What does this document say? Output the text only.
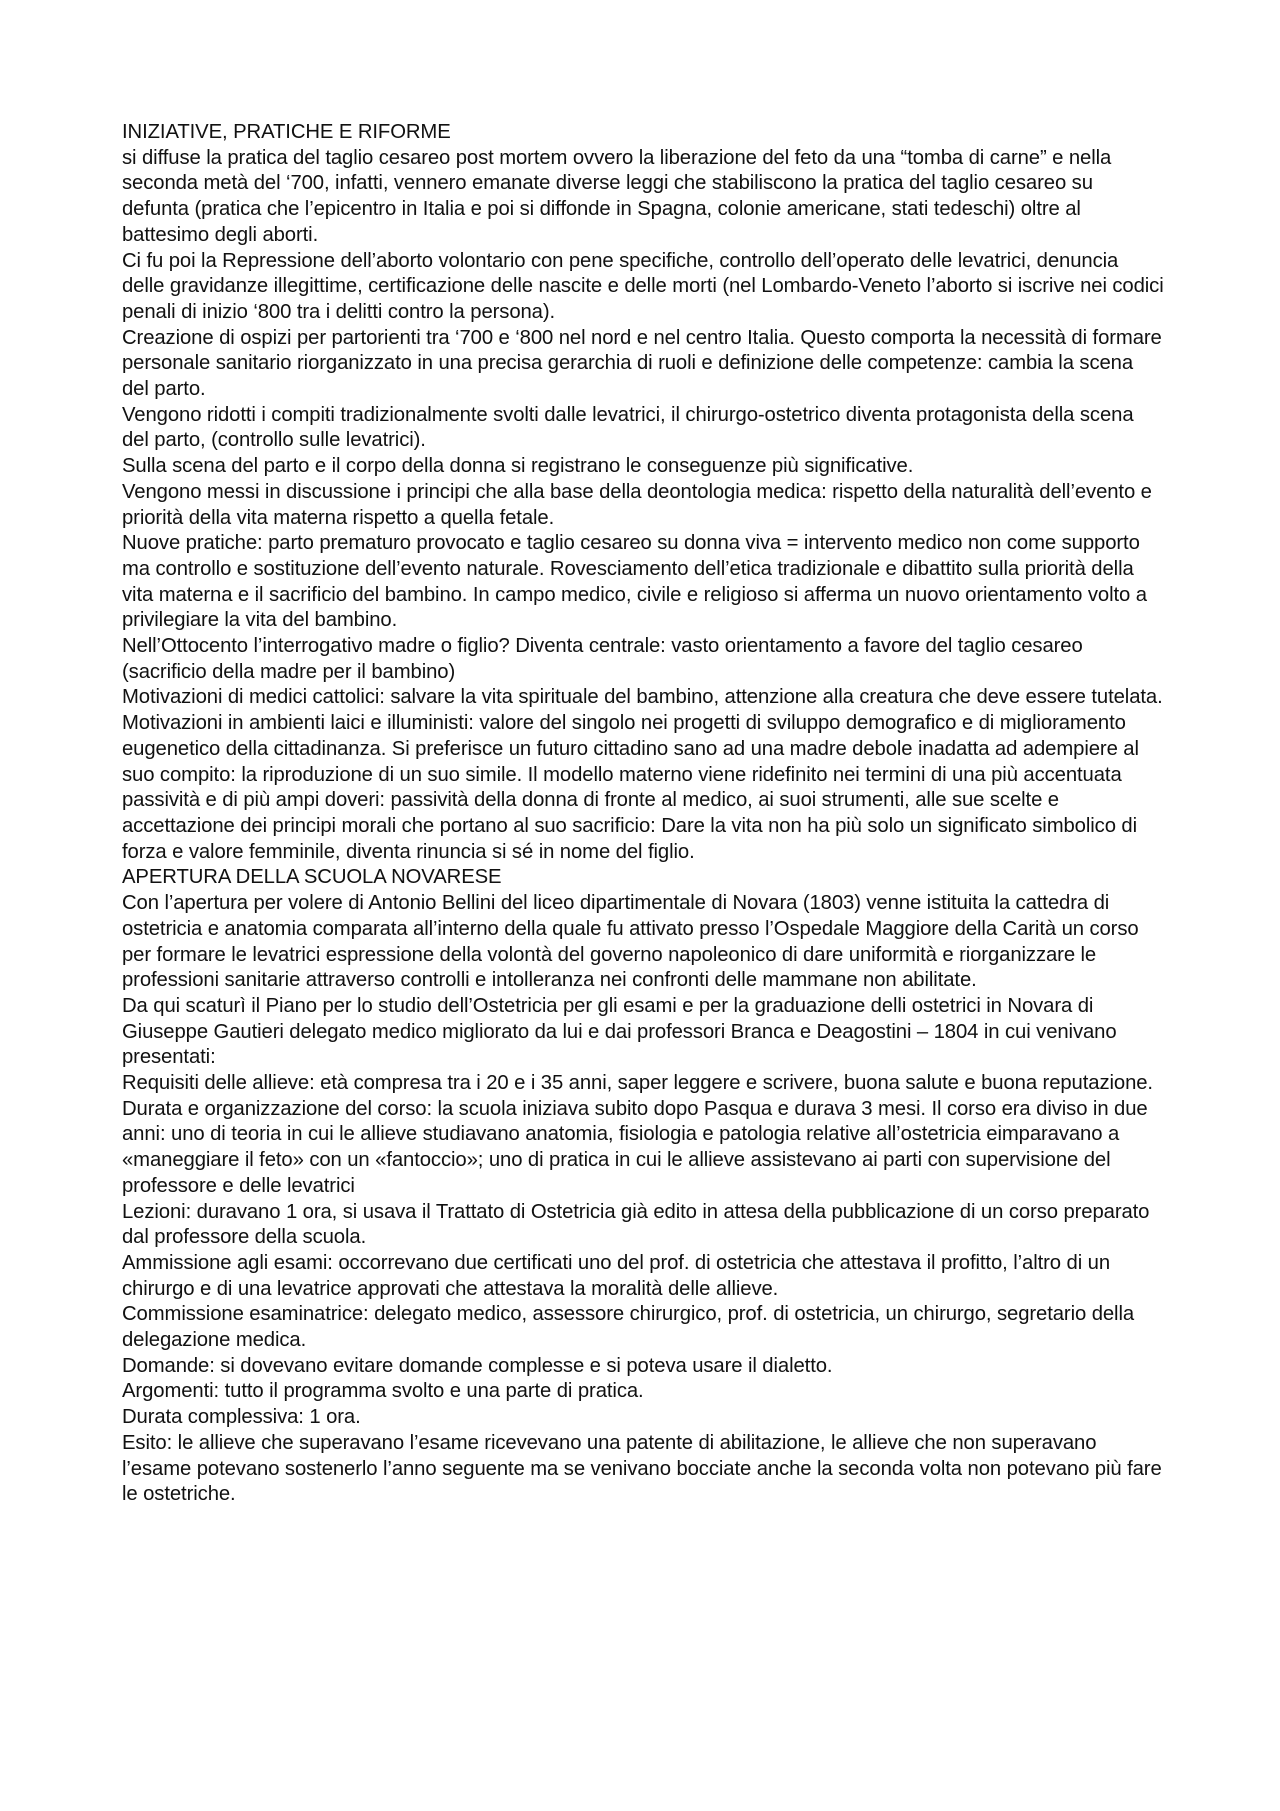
INIZIATIVE, PRATICHE E RIFORME

si diffuse la pratica del taglio cesareo post mortem ovvero la liberazione del feto da una “tomba di carne” e nella seconda metà del ‘700, infatti, vennero emanate diverse leggi che stabiliscono la pratica del taglio cesareo su defunta (pratica che l’epicentro in Italia e poi si diffonde in Spagna, colonie americane, stati tedeschi) oltre al battesimo degli aborti.

Ci fu poi la Repressione dell’aborto volontario con pene specifiche, controllo dell’operato delle levatrici, denuncia delle gravidanze illegittime, certificazione delle nascite e delle morti (nel Lombardo-Veneto l’aborto si iscrive nei codici penali di inizio ‘800 tra i delitti contro la persona).

Creazione di ospizi per partorienti tra ‘700 e ‘800 nel nord e nel centro Italia. Questo comporta la necessità di formare personale sanitario riorganizzato in una precisa gerarchia di ruoli e definizione delle competenze: cambia la scena del parto.

Vengono ridotti i compiti tradizionalmente svolti dalle levatrici, il chirurgo-ostetrico diventa protagonista della scena del parto, (controllo sulle levatrici).

Sulla scena del parto e il corpo della donna si registrano le conseguenze più significative.

Vengono messi in discussione i principi che alla base della deontologia medica: rispetto della naturalità dell’evento e priorità della vita materna rispetto a quella fetale.

Nuove pratiche: parto prematuro provocato e taglio cesareo su donna viva = intervento medico non come supporto ma controllo e sostituzione dell’evento naturale. Rovesciamento dell’etica tradizionale e dibattito sulla priorità della vita materna e il sacrificio del bambino. In campo medico, civile e religioso si afferma un nuovo orientamento volto a privilegiare la vita del bambino.

Nell’Ottocento l’interrogativo madre o figlio? Diventa centrale: vasto orientamento a favore del taglio cesareo (sacrificio della madre per il bambino)

Motivazioni di medici cattolici: salvare la vita spirituale del bambino, attenzione alla creatura che deve essere tutelata.

Motivazioni in ambienti laici e illuministi: valore del singolo nei progetti di sviluppo demografico e di miglioramento eugenetico della cittadinanza. Si preferisce un futuro cittadino sano ad una madre debole inadatta ad adempiere al suo compito: la riproduzione di un suo simile. Il modello materno viene ridefinito nei termini di una più accentuata passività e di più ampi doveri: passività della donna di fronte al medico, ai suoi strumenti, alle sue scelte e accettazione dei principi morali che portano al suo sacrificio: Dare la vita non ha più solo un significato simbolico di forza e valore femminile, diventa rinuncia si sé in nome del figlio.

APERTURA DELLA SCUOLA NOVARESE

Con l’apertura per volere di Antonio Bellini del liceo dipartimentale di Novara (1803) venne istituita la cattedra di ostetricia e anatomia comparata all’interno della quale fu attivato presso l’Ospedale Maggiore della Carità un corso per formare le levatrici espressione della volontà del governo napoleonico di dare uniformità e riorganizzare le professioni sanitarie attraverso controlli e intolleranza nei confronti delle mammane non abilitate.

Da qui scaturì il Piano per lo studio dell’Ostetricia per gli esami e per la graduazione delli ostetrici in Novara di Giuseppe Gautieri delegato medico migliorato da lui e dai professori Branca e Deagostini – 1804 in cui venivano presentati:

Requisiti delle allieve: età compresa tra i 20 e i 35 anni, saper leggere e scrivere, buona salute e buona reputazione.

Durata e organizzazione del corso: la scuola iniziava subito dopo Pasqua e durava 3 mesi. Il corso era diviso in due anni: uno di teoria in cui le allieve studiavano anatomia, fisiologia e patologia relative all’ostetricia eimparavano a «maneggiare il feto» con un «fantoccio»; uno di pratica in cui le allieve assistevano ai parti con supervisione del professore e delle levatrici

Lezioni: duravano 1 ora, si usava il Trattato di Ostetricia già edito in attesa della pubblicazione di un corso preparato dal professore della scuola.

Ammissione agli esami: occorrevano due certificati uno del prof. di ostetricia che attestava il profitto, l’altro di un chirurgo e di una levatrice approvati che attestava la moralità delle allieve.

Commissione esaminatrice: delegato medico, assessore chirurgico, prof. di ostetricia, un chirurgo, segretario della delegazione medica.

Domande: si dovevano evitare domande complesse e si poteva usare il dialetto.

Argomenti: tutto il programma svolto e una parte di pratica.

Durata complessiva: 1 ora.

Esito: le allieve che superavano l’esame ricevevano una patente di abilitazione, le allieve che non superavano l’esame potevano sostenerlo l’anno seguente ma se venivano bocciate anche la seconda volta non potevano più fare le ostetriche.
